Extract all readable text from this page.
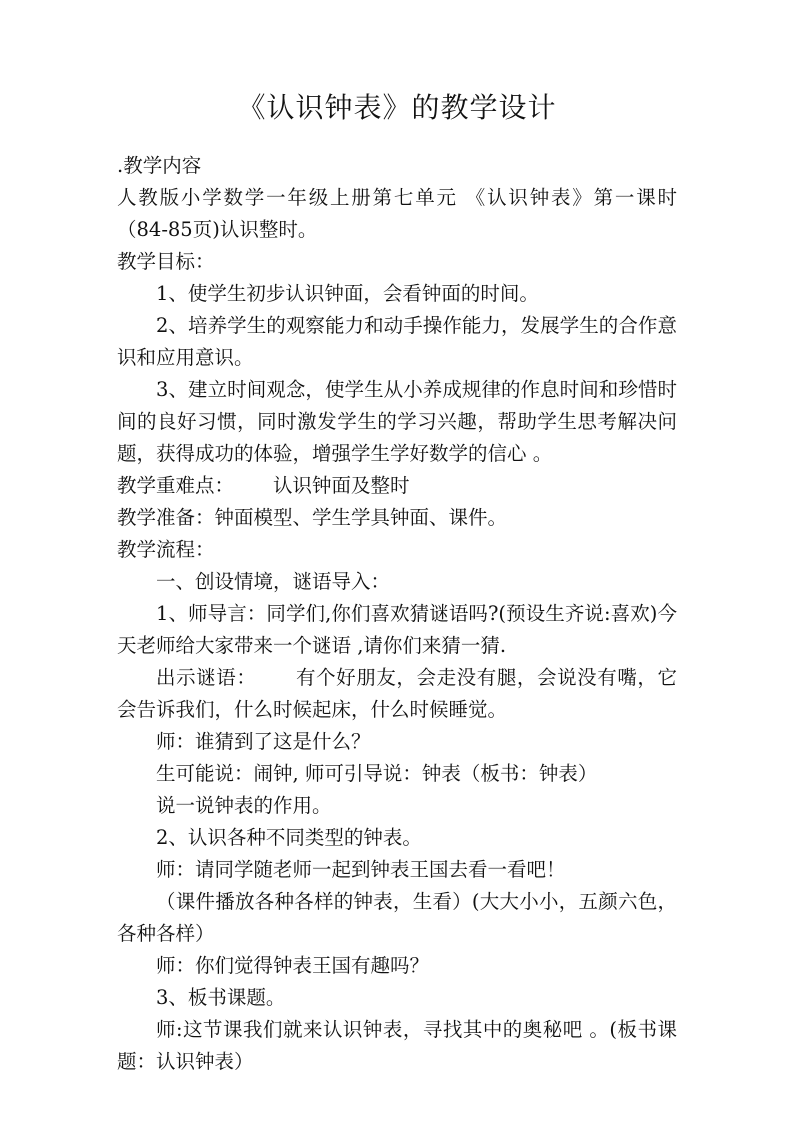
《认识钟表》的教学设计

.教学内容

人教版小学数学一年级上册第七单元 《认识钟表》第一课时（84-85页)认识整时。

教学目标：

1、使学生初步认识钟面，会看钟面的时间。

2、培养学生的观察能力和动手操作能力，发展学生的合作意识和应用意识。

3、建立时间观念，使学生从小养成规律的作息时间和珍惜时间的良好习惯，同时激发学生的学习兴趣，帮助学生思考解决问题，获得成功的体验，增强学生学好数学的信心 。

教学重难点： 认识钟面及整时

教学准备：钟面模型、学生学具钟面、课件。

教学流程：

一、创设情境，谜语导入：

1、师导言：同学们,你们喜欢猜谜语吗?(预设生齐说:喜欢)今天老师给大家带来一个谜语 ,请你们来猜一猜.

出示谜语： 有个好朋友，会走没有腿，会说没有嘴，它会告诉我们，什么时候起床，什么时候睡觉。

师：谁猜到了这是什么？

生可能说：闹钟, 师可引导说：钟表（板书：钟表）

说一说钟表的作用。

2、认识各种不同类型的钟表。

师：请同学随老师一起到钟表王国去看一看吧！

（课件播放各种各样的钟表，生看）(大大小小，五颜六色，各种各样）

师：你们觉得钟表王国有趣吗？

3、板书课题。

师:这节课我们就来认识钟表，寻找其中的奥秘吧 。(板书课题：认识钟表）
